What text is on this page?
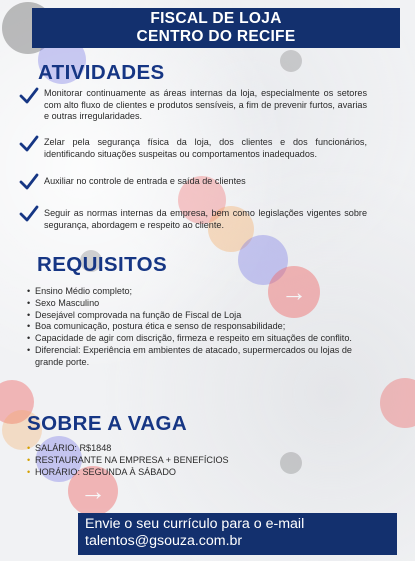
→
→
FISCAL DE LOJA
CENTRO DO RECIFE
ATIVIDADES
Monitorar continuamente as áreas internas da loja, especialmente os setores com alto fluxo de clientes e produtos sensíveis, a fim de prevenir furtos, avarias e outras irregularidades.
Zelar pela segurança física da loja, dos clientes e dos funcionários, identificando situações suspeitas ou comportamentos inadequados.
Auxiliar no controle de entrada e saída de clientes
Seguir as normas internas da empresa, bem como legislações vigentes sobre segurança, abordagem e respeito ao cliente.
REQUISITOS
• Ensino Médio completo;
• Sexo Masculino
• Desejável comprovada na função de Fiscal de Loja
• Boa comunicação, postura ética e senso de responsabilidade;
• Capacidade de agir com discrição, firmeza e respeito em situações de conflito.
• Diferencial: Experiência em ambientes de atacado, supermercados ou lojas de grande porte.
SOBRE A VAGA
• SALÁRIO: R$1848
• RESTAURANTE NA EMPRESA + BENEFÍCIOS
• HORÁRIO: SEGUNDA À SÁBADO
Envie o seu currículo para o e-mail
talentos@gsouza.com.br
